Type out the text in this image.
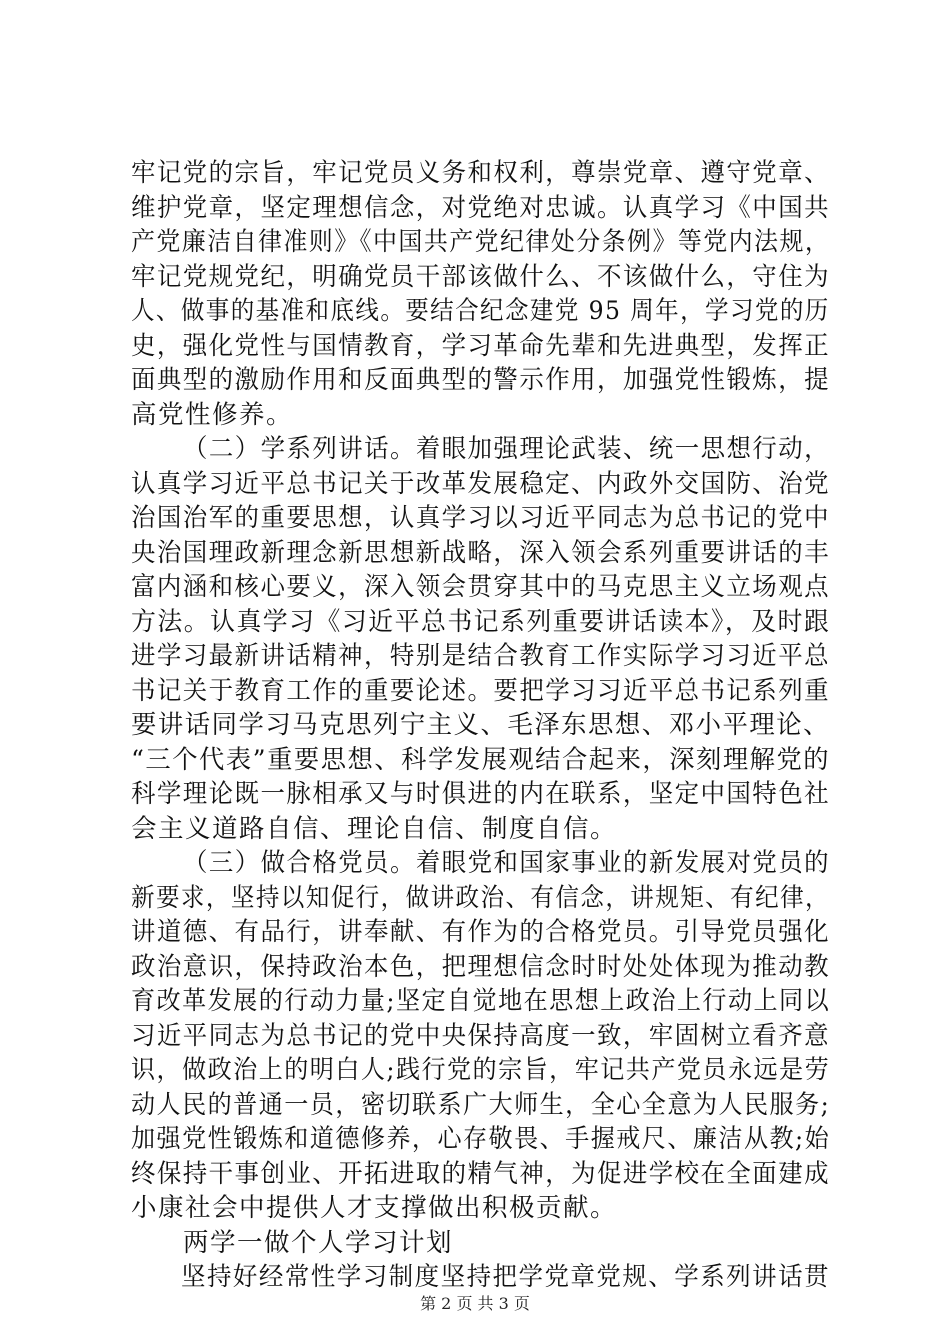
牢记党的宗旨，牢记党员义务和权利，尊崇党章、遵守党章、
维护党章，坚定理想信念，对党绝对忠诚。认真学习《中国共
产党廉洁自律准则》《中国共产党纪律处分条例》等党内法规，
牢记党规党纪，明确党员干部该做什么、不该做什么，守住为
人、做事的基准和底线。要结合纪念建党 95 周年，学习党的历
史，强化党性与国情教育，学习革命先辈和先进典型，发挥正
面典型的激励作用和反面典型的警示作用，加强党性锻炼，提
高党性修养。
（二）学系列讲话。着眼加强理论武装、统一思想行动，
认真学习近平总书记关于改革发展稳定、内政外交国防、治党
治国治军的重要思想，认真学习以习近平同志为总书记的党中
央治国理政新理念新思想新战略，深入领会系列重要讲话的丰
富内涵和核心要义，深入领会贯穿其中的马克思主义立场观点
方法。认真学习《习近平总书记系列重要讲话读本》，及时跟
进学习最新讲话精神，特别是结合教育工作实际学习习近平总
书记关于教育工作的重要论述。要把学习习近平总书记系列重
要讲话同学习马克思列宁主义、毛泽东思想、邓小平理论、
“三个代表”重要思想、科学发展观结合起来，深刻理解党的
科学理论既一脉相承又与时俱进的内在联系，坚定中国特色社
会主义道路自信、理论自信、制度自信。
（三）做合格党员。着眼党和国家事业的新发展对党员的
新要求，坚持以知促行，做讲政治、有信念，讲规矩、有纪律，
讲道德、有品行，讲奉献、有作为的合格党员。引导党员强化
政治意识，保持政治本色，把理想信念时时处处体现为推动教
育改革发展的行动力量;坚定自觉地在思想上政治上行动上同以
习近平同志为总书记的党中央保持高度一致，牢固树立看齐意
识，做政治上的明白人;践行党的宗旨，牢记共产党员永远是劳
动人民的普通一员，密切联系广大师生，全心全意为人民服务;
加强党性锻炼和道德修养，心存敬畏、手握戒尺、廉洁从教;始
终保持干事创业、开拓进取的精气神，为促进学校在全面建成
小康社会中提供人才支撑做出积极贡献。
两学一做个人学习计划
坚持好经常性学习制度坚持把学党章党规、学系列讲话贯
第 2 页 共 3 页
